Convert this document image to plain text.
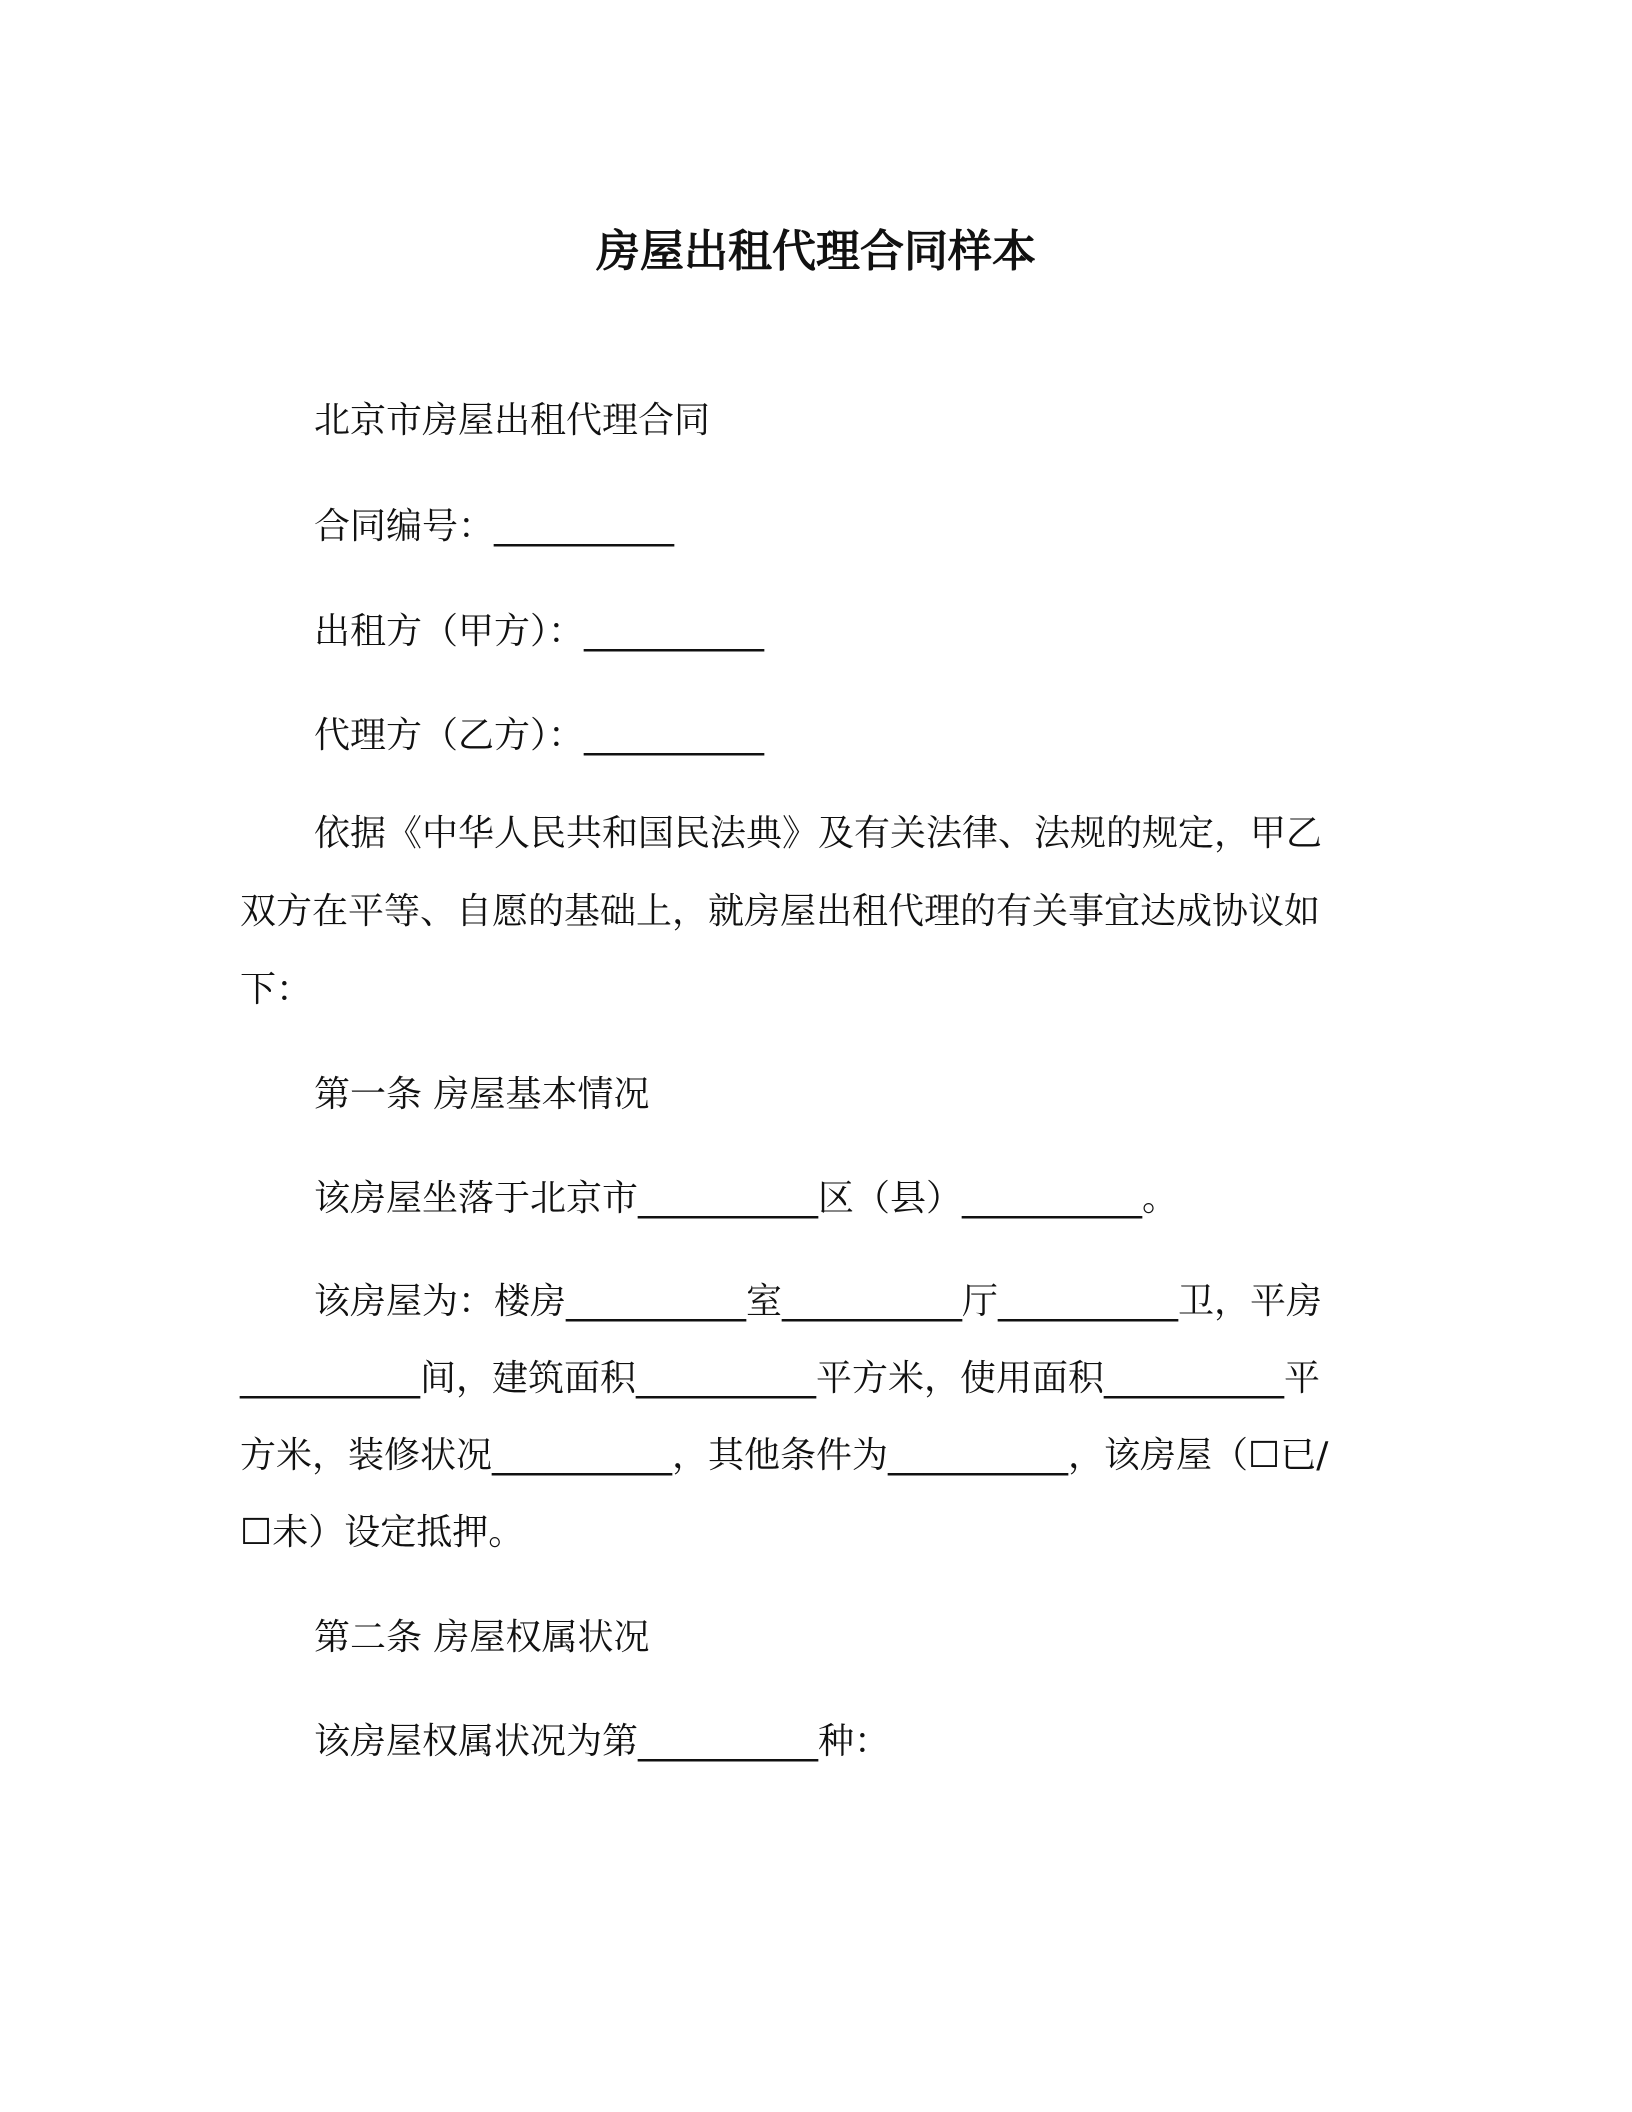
房屋出租代理合同样本
北京市房屋出租代理合同
合同编号：__________
出租方（甲方）：__________
代理方（乙方）：__________
依据《中华人民共和国民法典》及有关法律、法规的规定，甲乙
双方在平等、自愿的基础上，就房屋出租代理的有关事宜达成协议如
下：
第一条 房屋基本情况
该房屋坐落于北京市__________区（县）__________。
该房屋为：楼房__________室__________厅__________卫，平房
__________间，建筑面积__________平方米，使用面积__________平
方米，装修状况__________，其他条件为__________，该房屋（☐已/
☐未）设定抵押。
第二条 房屋权属状况
该房屋权属状况为第__________种：
